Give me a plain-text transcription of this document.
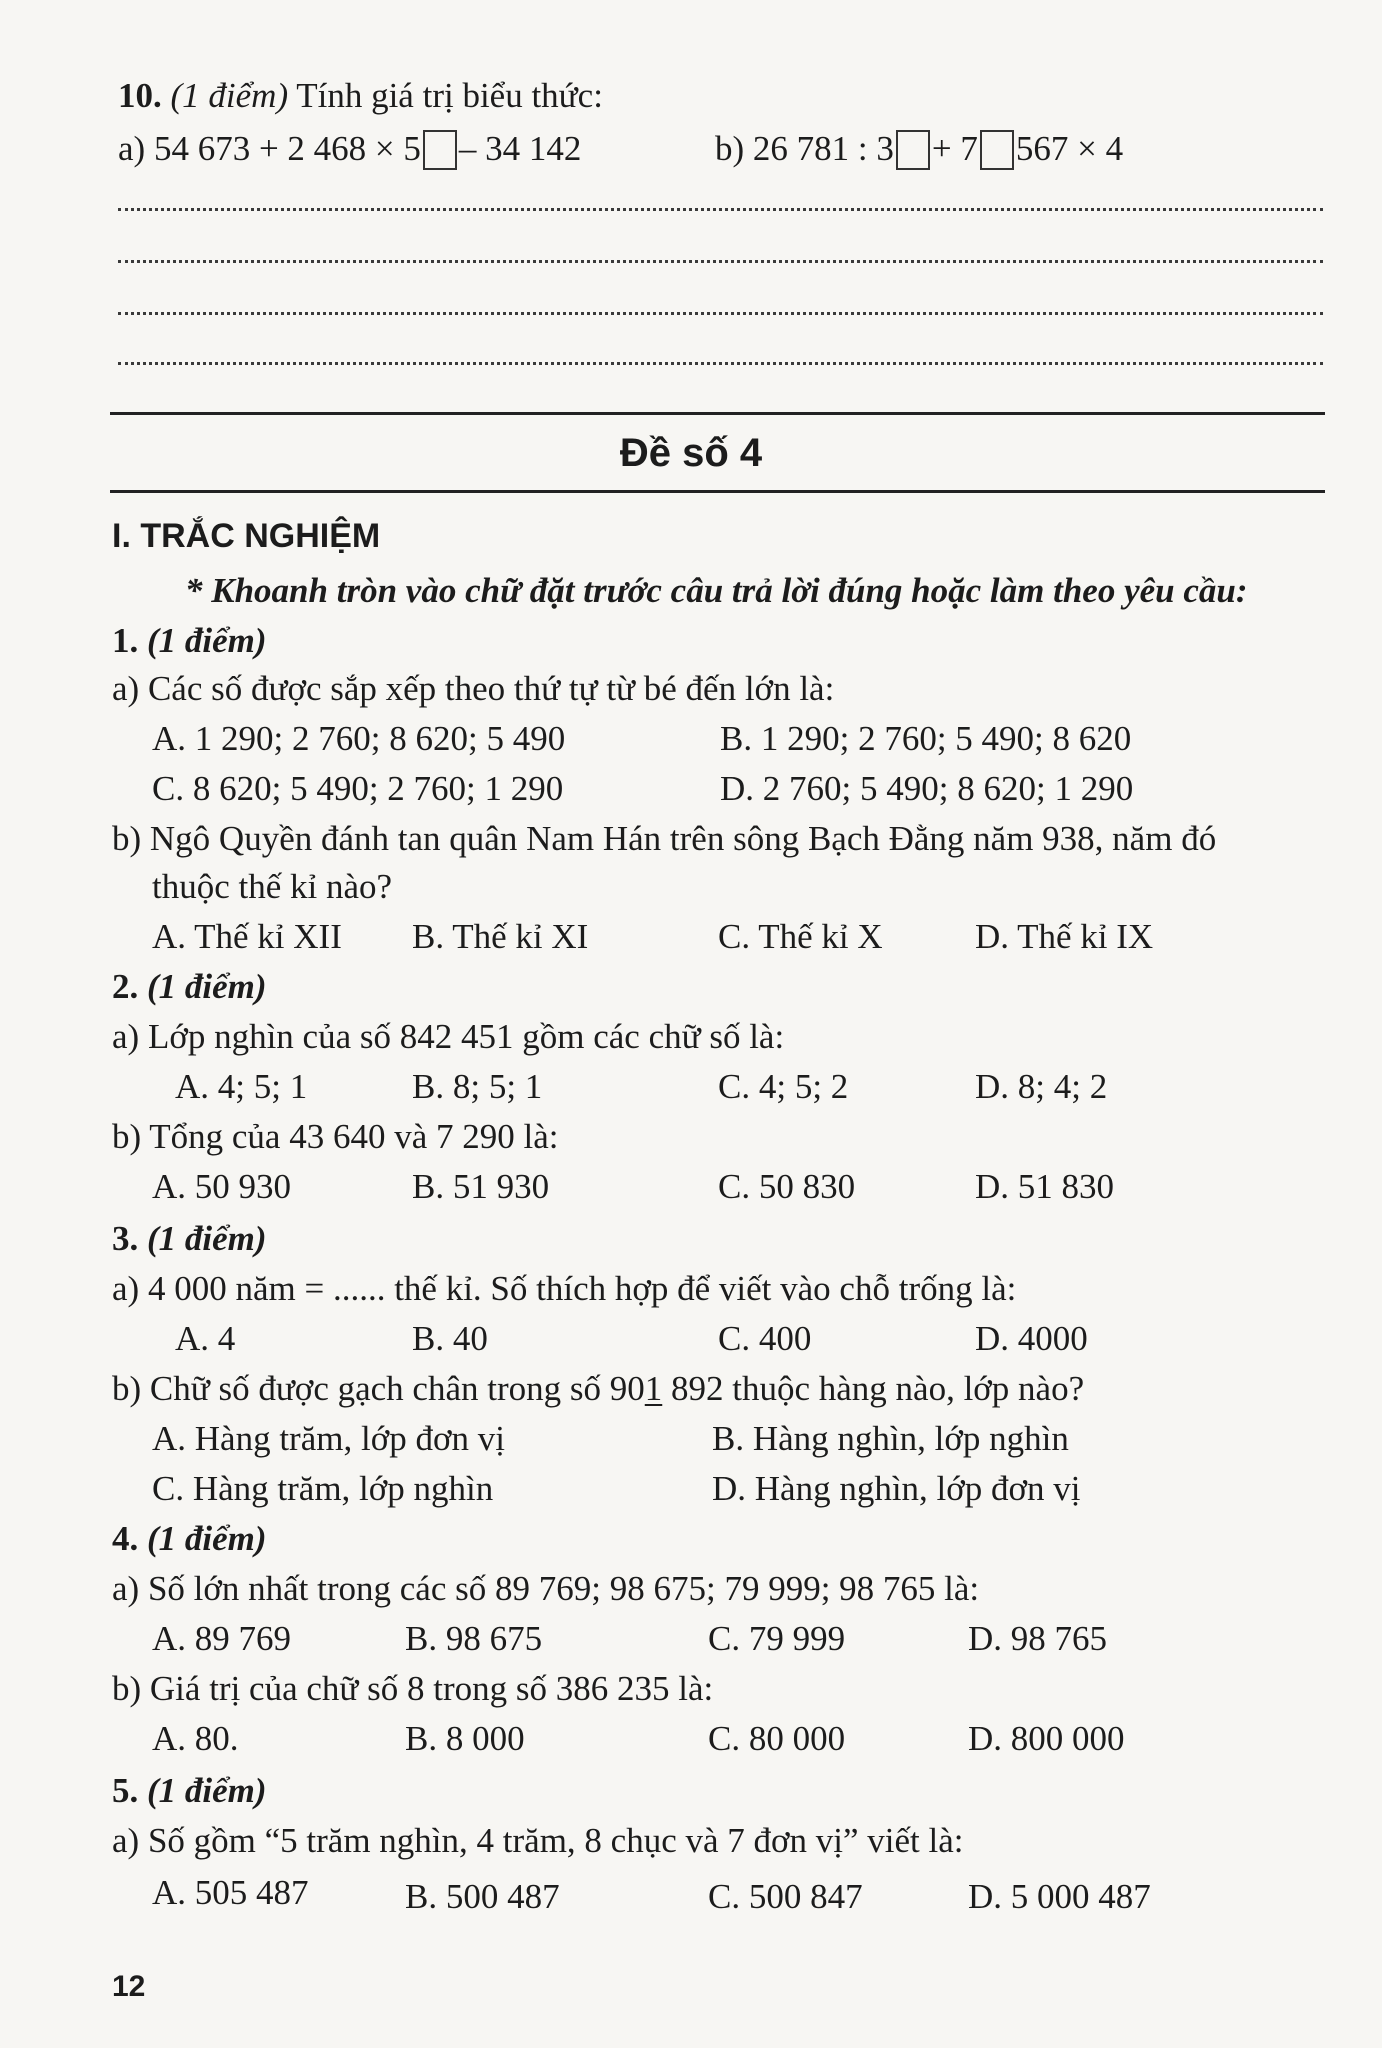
10. (1 điểm) Tính giá trị biểu thức:
a) 54 673 + 2 468 × 5 – 34 142	b) 26 781 : 3 + 7 567 × 4
Đề số 4
I. TRẮC NGHIỆM
* Khoanh tròn vào chữ đặt trước câu trả lời đúng hoặc làm theo yêu cầu:
1. (1 điểm)
a) Các số được sắp xếp theo thứ tự từ bé đến lớn là:
A. 1 290; 2 760; 8 620; 5 490	B. 1 290; 2 760; 5 490; 8 620
C. 8 620; 5 490; 2 760; 1 290	D. 2 760; 5 490; 8 620; 1 290
b) Ngô Quyền đánh tan quân Nam Hán trên sông Bạch Đằng năm 938, năm đó
thuộc thế kỉ nào?
A. Thế kỉ XII B. Thế kỉ XI	C. Thế kỉ X	D. Thế kỉ IX
2. (1 điểm)
a) Lớp nghìn của số 842 451 gồm các chữ số là:
A. 4; 5; 1	B. 8; 5; 1	C. 4; 5; 2	D. 8; 4; 2
b) Tổng của 43 640 và 7 290 là:
A. 50 930	B. 51 930	C. 50 830	D. 51 830
3. (1 điểm)
a) 4 000 năm = ...... thế kỉ. Số thích hợp để viết vào chỗ trống là:
A. 4	B. 40	C. 400	D. 4000
b) Chữ số được gạch chân trong số 901 892 thuộc hàng nào, lớp nào?
A. Hàng trăm, lớp đơn vị	B. Hàng nghìn, lớp nghìn
C. Hàng trăm, lớp nghìn	D. Hàng nghìn, lớp đơn vị
4. (1 điểm)
a) Số lớn nhất trong các số 89 769; 98 675; 79 999; 98 765 là:
A. 89 769	B. 98 675	C. 79 999	D. 98 765
b) Giá trị của chữ số 8 trong số 386 235 là:
A. 80.	B. 8 000	C. 80 000	D. 800 000
5. (1 điểm)
a) Số gồm “5 trăm nghìn, 4 trăm, 8 chục và 7 đơn vị” viết là:
A. 505 487	B. 500 487	C. 500 847	D. 5 000 487
12
